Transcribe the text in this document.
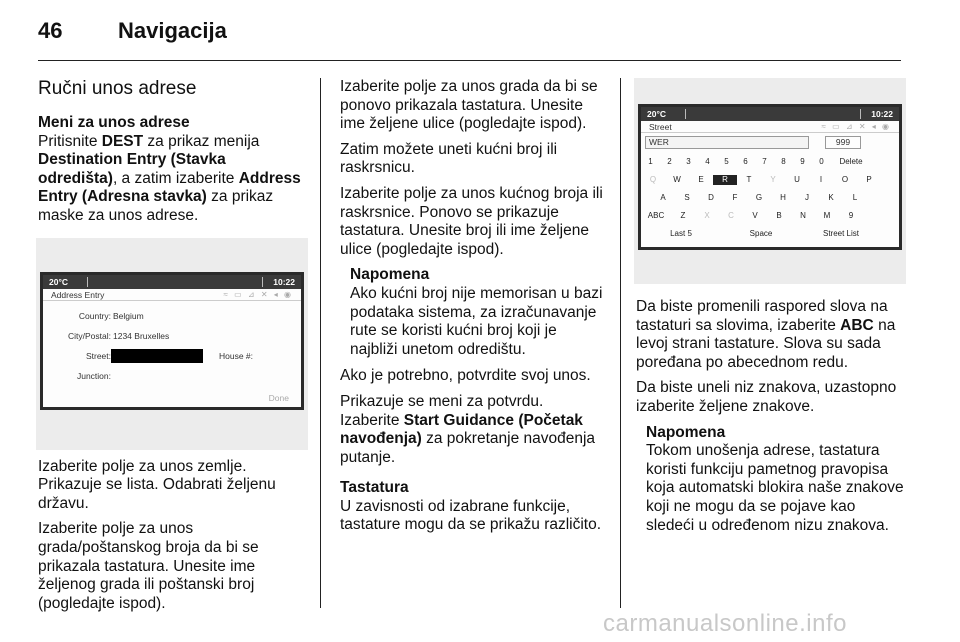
46	Navigacija
Ručni unos adrese
Meni za unos adrese

Pritisnite DEST za prikaz menija Destination Entry (Stavka odredišta), a zatim izaberite Address Entry (Adresna stavka) za prikaz maske za unos adrese.

20°C	10:22
Address Entry	≈ ▭ ⊿ ✕ ◂ ◉
Country: Belgium
City/Postal: 1234 Bruxelles
Street:	House #:
Junction:
Done

Izaberite polje za unos zemlje. Prikazuje se lista. Odabrati željenu državu.

Izaberite polje za unos grada/poštanskog broja da bi se prikazala tastatura. Unesite ime željenog grada ili poštanski broj (pogledajte ispod).

Izaberite polje za unos grada da bi se ponovo prikazala tastatura. Unesite ime željene ulice (pogledajte ispod).

Zatim možete uneti kućni broj ili raskrsnicu.

Izaberite polje za unos kućnog broja ili raskrsnice. Ponovo se prikazuje tastatura. Unesite broj ili ime željene ulice (pogledajte ispod).

Napomena
Ako kućni broj nije memorisan u bazi podataka sistema, za izračunavanje rute se koristi kućni broj koji je najbliži unetom odredištu.

Ako je potrebno, potvrdite svoj unos.

Prikazuje se meni za potvrdu. Izaberite Start Guidance (Početak navođenja) za pokretanje navođenja putanje.

Tastatura

U zavisnosti od izabrane funkcije, tastature mogu da se prikažu različito.

20°C	10:22
Street	≈ ▭ ⊿ ✕ ◂ ◉
WER	999
1	2	3	4	5	6	7	8	9	0	Delete
Q	W	E	R	T	Y	U	I	O	P
A	S	D	F	G	H	J	K	L
ABC	Z	X	C	V	B	N	M	9
Last 5	Space	Street List

Da biste promenili raspored slova na tastaturi sa slovima, izaberite ABC na levoj strani tastature. Slova su sada poređana po abecednom redu.

Da biste uneli niz znakova, uzastopno izaberite željene znakove.

Napomena
Tokom unošenja adrese, tastatura koristi funkciju pametnog pravopisa koja automatski blokira naše znakove koji ne mogu da se pojave kao sledeći u određenom nizu znakova.
carmanualsonline.info
